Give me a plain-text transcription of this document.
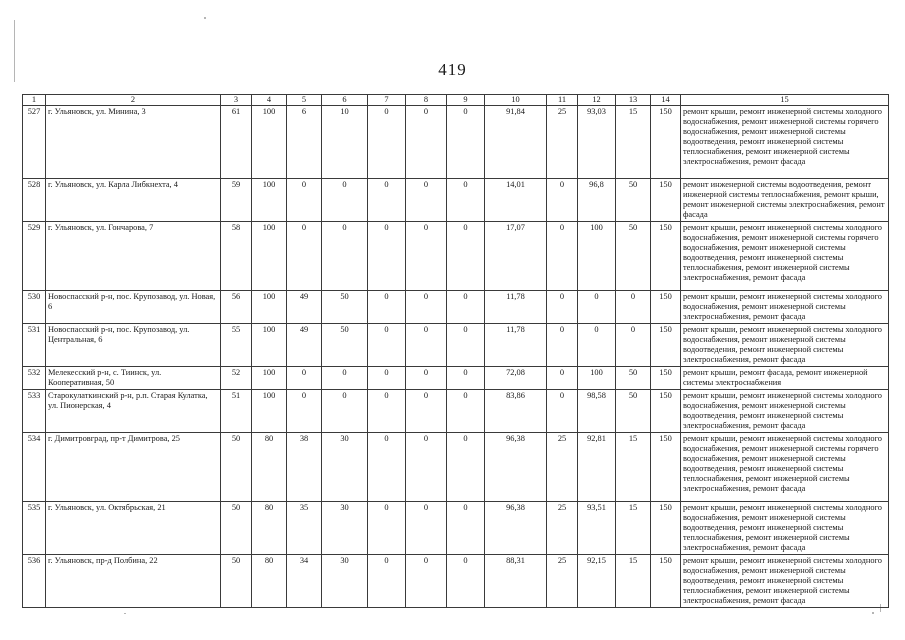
419
1	2	3	4	5	6	7	8	9	10	11	12	13	14	15
527	г. Ульяновск, ул. Минина, 3	61	100	6	10	0	0	0	91,84	25	93,03	15	150	ремонт крыши, ремонт инженерной системы холодного водоснабжения, ремонт инженерной системы горячего водоснабжения, ремонт инженерной системы водоотведения, ремонт инженерной системы теплоснабжения, ремонт инженерной системы электроснабжения, ремонт фасада
528	г. Ульяновск, ул. Карла Либкнехта, 4	59	100	0	0	0	0	0	14,01	0	96,8	50	150	ремонт инженерной системы водоотведения, ремонт инженерной системы теплоснабжения, ремонт крыши, ремонт инженерной системы электроснабжения, ремонт фасада
529	г. Ульяновск, ул. Гончарова, 7	58	100	0	0	0	0	0	17,07	0	100	50	150	ремонт крыши, ремонт инженерной системы холодного водоснабжения, ремонт инженерной системы горячего водоснабжения, ремонт инженерной системы водоотведения, ремонт инженерной системы теплоснабжения, ремонт инженерной системы электроснабжения, ремонт фасада
530	Новоспасский р-н, пос. Крупозавод, ул. Новая, 6	56	100	49	50	0	0	0	11,78	0	0	0	150	ремонт крыши, ремонт инженерной системы холодного водоснабжения, ремонт инженерной системы электроснабжения, ремонт фасада
531	Новоспасский р-н, пос. Крупозавод, ул. Центральная, 6	55	100	49	50	0	0	0	11,78	0	0	0	150	ремонт крыши, ремонт инженерной системы холодного водоснабжения, ремонт инженерной системы водоотведения, ремонт инженерной системы электроснабжения, ремонт фасада
532	Мелекесский р-н, с. Тиинск, ул. Кооперативная, 50	52	100	0	0	0	0	0	72,08	0	100	50	150	ремонт крыши, ремонт фасада, ремонт инженерной системы электроснабжения
533	Старокулаткинский р-н, р.п. Старая Кулатка, ул. Пионерская, 4	51	100	0	0	0	0	0	83,86	0	98,58	50	150	ремонт крыши, ремонт инженерной системы холодного водоснабжения, ремонт инженерной системы водоотведения, ремонт инженерной системы электроснабжения, ремонт фасада
534	г. Димитровград, пр-т Димитрова, 25	50	80	38	30	0	0	0	96,38	25	92,81	15	150	ремонт крыши, ремонт инженерной системы холодного водоснабжения, ремонт инженерной системы горячего водоснабжения, ремонт инженерной системы водоотведения, ремонт инженерной системы теплоснабжения, ремонт инженерной системы электроснабжения, ремонт фасада
535	г. Ульяновск, ул. Октябрьская, 21	50	80	35	30	0	0	0	96,38	25	93,51	15	150	ремонт крыши, ремонт инженерной системы холодного водоснабжения, ремонт инженерной системы водоотведения, ремонт инженерной системы теплоснабжения, ремонт инженерной системы электроснабжения, ремонт фасада
536	г. Ульяновск, пр-д Полбина, 22	50	80	34	30	0	0	0	88,31	25	92,15	15	150	ремонт крыши, ремонт инженерной системы холодного водоснабжения, ремонт инженерной системы водоотведения, ремонт инженерной системы теплоснабжения, ремонт инженерной системы электроснабжения, ремонт фасада
